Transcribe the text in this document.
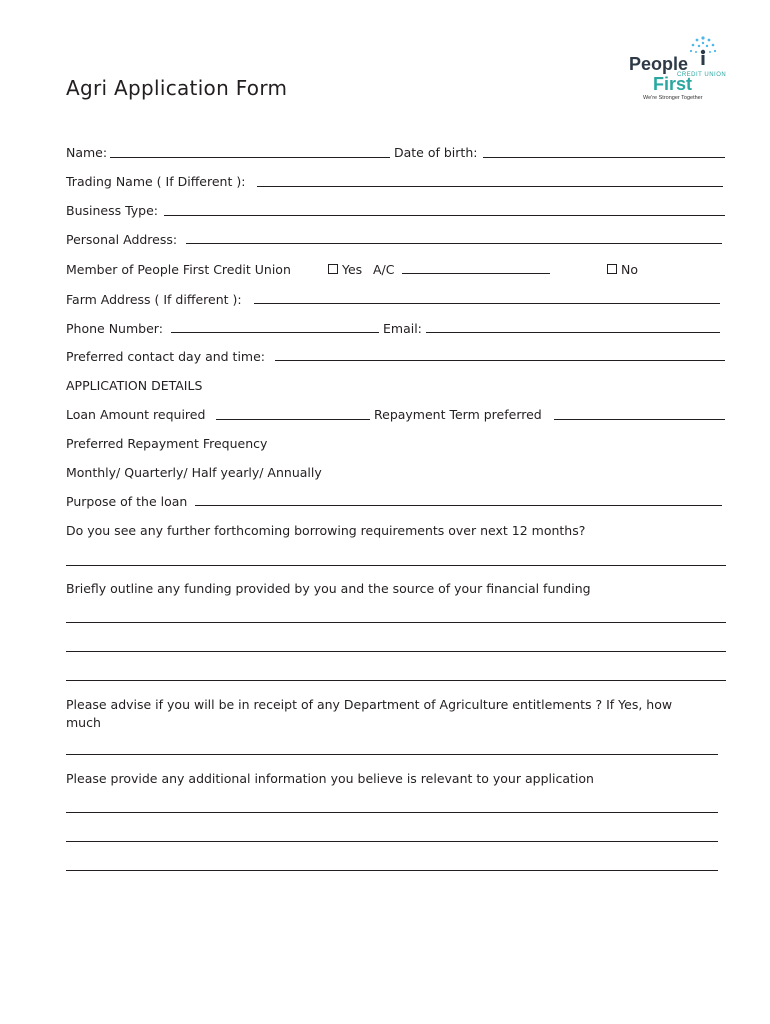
Agri Application Form
People
CREDIT UNION
First
We're Stronger Together
Name:	Date of birth:
Trading Name ( If Different ):
Business Type:
Personal Address:
Member of People First Credit Union	Yes A/C	No
Farm Address ( If different ):
Phone Number:	Email:
Preferred contact day and time:
APPLICATION DETAILS
Loan Amount required	Repayment Term preferred
Preferred Repayment Frequency
Monthly/ Quarterly/ Half yearly/ Annually
Purpose of the loan
Do you see any further forthcoming borrowing requirements over next 12 months?
Briefly outline any funding provided by you and the source of your financial funding
Please advise if you will be in receipt of any Department of Agriculture entitlements ? If Yes, how much
Please provide any additional information you believe is relevant to your application
